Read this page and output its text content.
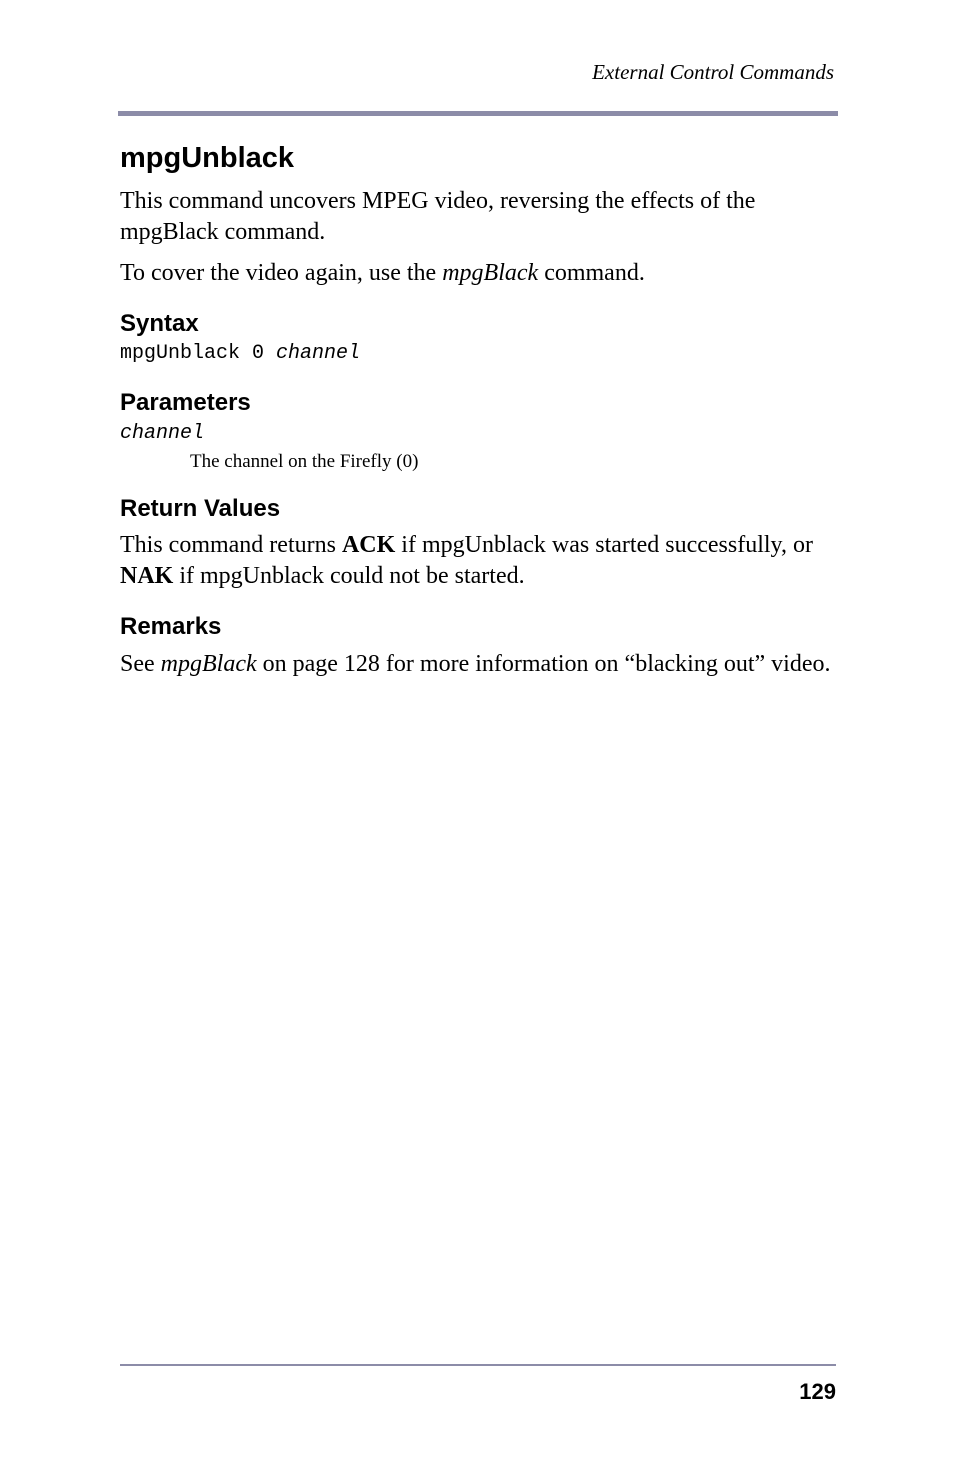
External Control Commands
mpgUnblack

This command uncovers MPEG video, reversing the effects of the mpgBlack command.

To cover the video again, use the mpgBlack command.

Syntax
mpgUnblack 0 channel
Parameters
channel

The channel on the Firefly (0)

Return Values

This command returns ACK if mpgUnblack was started successfully, or NAK if mpgUnblack could not be started.

Remarks

See mpgBlack on page 128 for more information on “blacking out” video.

129
